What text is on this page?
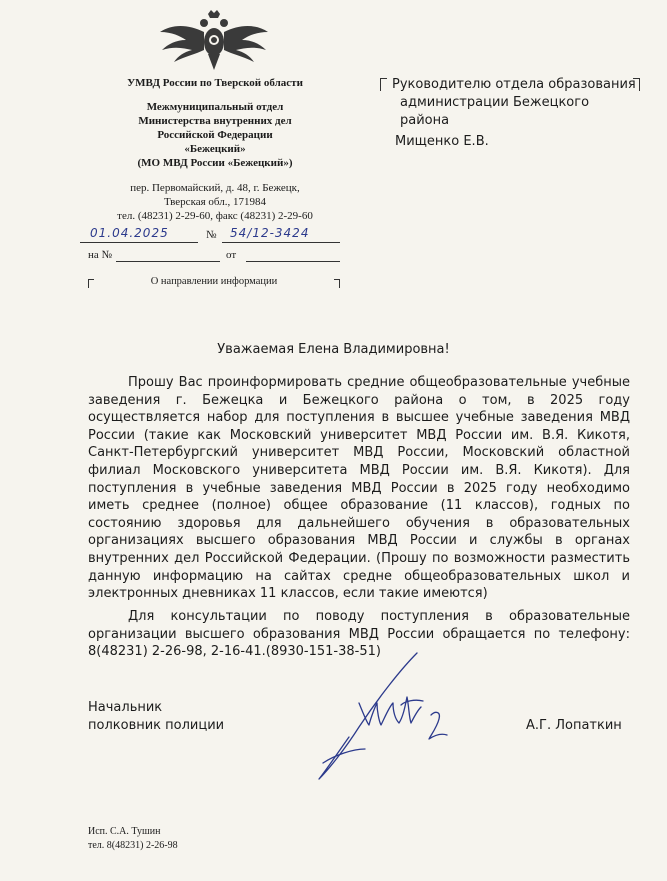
УМВД России по Тверской области
Межмуниципальный отдел
Министерства внутренних дел
Российской Федерации
«Бежецкий»
(МО МВД России «Бежецкий»)
пер. Первомайский, д. 48, г. Бежецк,
Тверская обл., 171984
тел. (48231) 2-29-60, факс (48231) 2-29-60
01.04.2025	№ 54/12-3424
на №	от
О направлении информации
Руководителю отдела образования
администрации Бежецкого района
Мищенко Е.В.
Уважаемая Елена Владимировна!
Прошу Вас проинформировать средние общеобразовательные учебные заведения г. Бежецка и Бежецкого района о том, в 2025 году осуществляется набор для поступления в высшее учебные заведения МВД России (такие как Московский университет МВД России им. В.Я. Кикотя, Санкт-Петербургский университет МВД России, Московский областной филиал Московского университета МВД России им. В.Я. Кикотя). Для поступления в учебные заведения МВД России в 2025 году необходимо иметь среднее (полное) общее образование (11 классов), годных по состоянию здоровья для дальнейшего обучения в образовательных организациях высшего образования МВД России и службы в органах внутренних дел Российской Федерации. (Прошу по возможности разместить данную информацию на сайтах средне общеобразовательных школ и электронных дневниках 11 классов, если такие имеются)
Для консультации по поводу поступления в образовательные организации высшего образования МВД России обращается по телефону: 8(48231) 2-26-98, 2-16-41.(8930-151-38-51)
Начальник
полковник полиции	А.Г. Лопаткин
Исп. С.А. Тушин
тел. 8(48231) 2-26-98
